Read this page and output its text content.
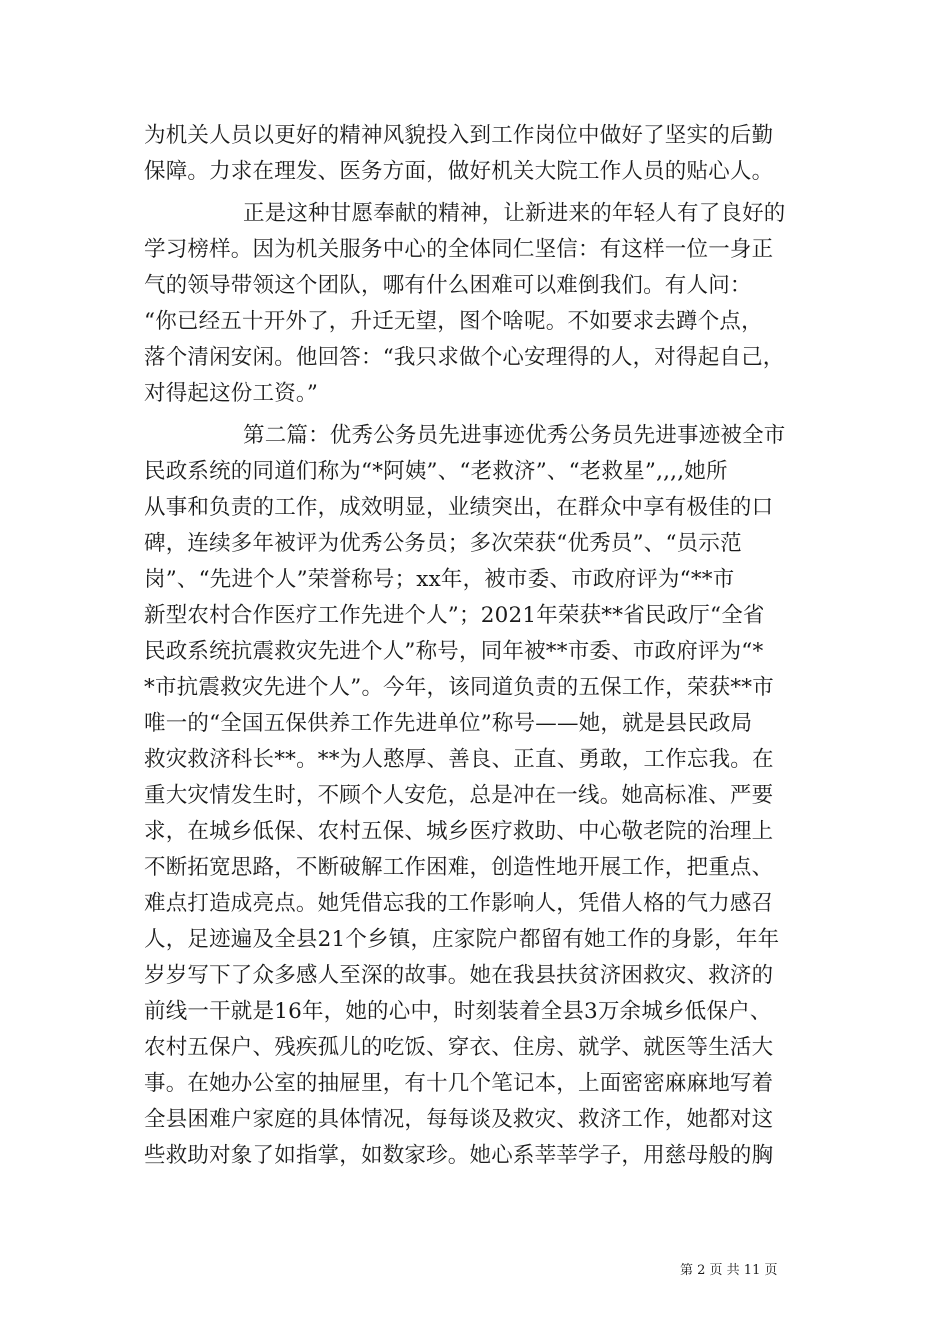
为机关人员以更好的精神风貌投入到工作岗位中做好了坚实的后勤
保障。力求在理发、医务方面，做好机关大院工作人员的贴心人。
正是这种甘愿奉献的精神，让新进来的年轻人有了良好的
学习榜样。因为机关服务中心的全体同仁坚信：有这样一位一身正
气的领导带领这个团队，哪有什么困难可以难倒我们。有人问：
“你已经五十开外了，升迁无望，图个啥呢。不如要求去蹲个点，
落个清闲安闲。他回答：“我只求做个心安理得的人，对得起自己，
对得起这份工资。”
第二篇：优秀公务员先进事迹优秀公务员先进事迹被全市
民政系统的同道们称为“*阿姨”、“老救济”、“老救星”,,,,她所
从事和负责的工作，成效明显，业绩突出，在群众中享有极佳的口
碑，连续多年被评为优秀公务员；多次荣获“优秀员”、“员示范
岗”、“先进个人”荣誉称号；xx年，被市委、市政府评为“**市
新型农村合作医疗工作先进个人”；2021年荣获**省民政厅“全省
民政系统抗震救灾先进个人”称号，同年被**市委、市政府评为“*
*市抗震救灾先进个人”。今年，该同道负责的五保工作，荣获**市
唯一的“全国五保供养工作先进单位”称号——她，就是县民政局
救灾救济科长**。**为人憨厚、善良、正直、勇敢，工作忘我。在
重大灾情发生时，不顾个人安危，总是冲在一线。她高标准、严要
求，在城乡低保、农村五保、城乡医疗救助、中心敬老院的治理上
不断拓宽思路，不断破解工作困难，创造性地开展工作，把重点、
难点打造成亮点。她凭借忘我的工作影响人，凭借人格的气力感召
人，足迹遍及全县21个乡镇，庄家院户都留有她工作的身影，年年
岁岁写下了众多感人至深的故事。她在我县扶贫济困救灾、救济的
前线一干就是16年，她的心中，时刻装着全县3万余城乡低保户、
农村五保户、残疾孤儿的吃饭、穿衣、住房、就学、就医等生活大
事。在她办公室的抽屉里，有十几个笔记本，上面密密麻麻地写着
全县困难户家庭的具体情况，每每谈及救灾、救济工作，她都对这
些救助对象了如指掌，如数家珍。她心系莘莘学子，用慈母般的胸
第 2 页 共 11 页
